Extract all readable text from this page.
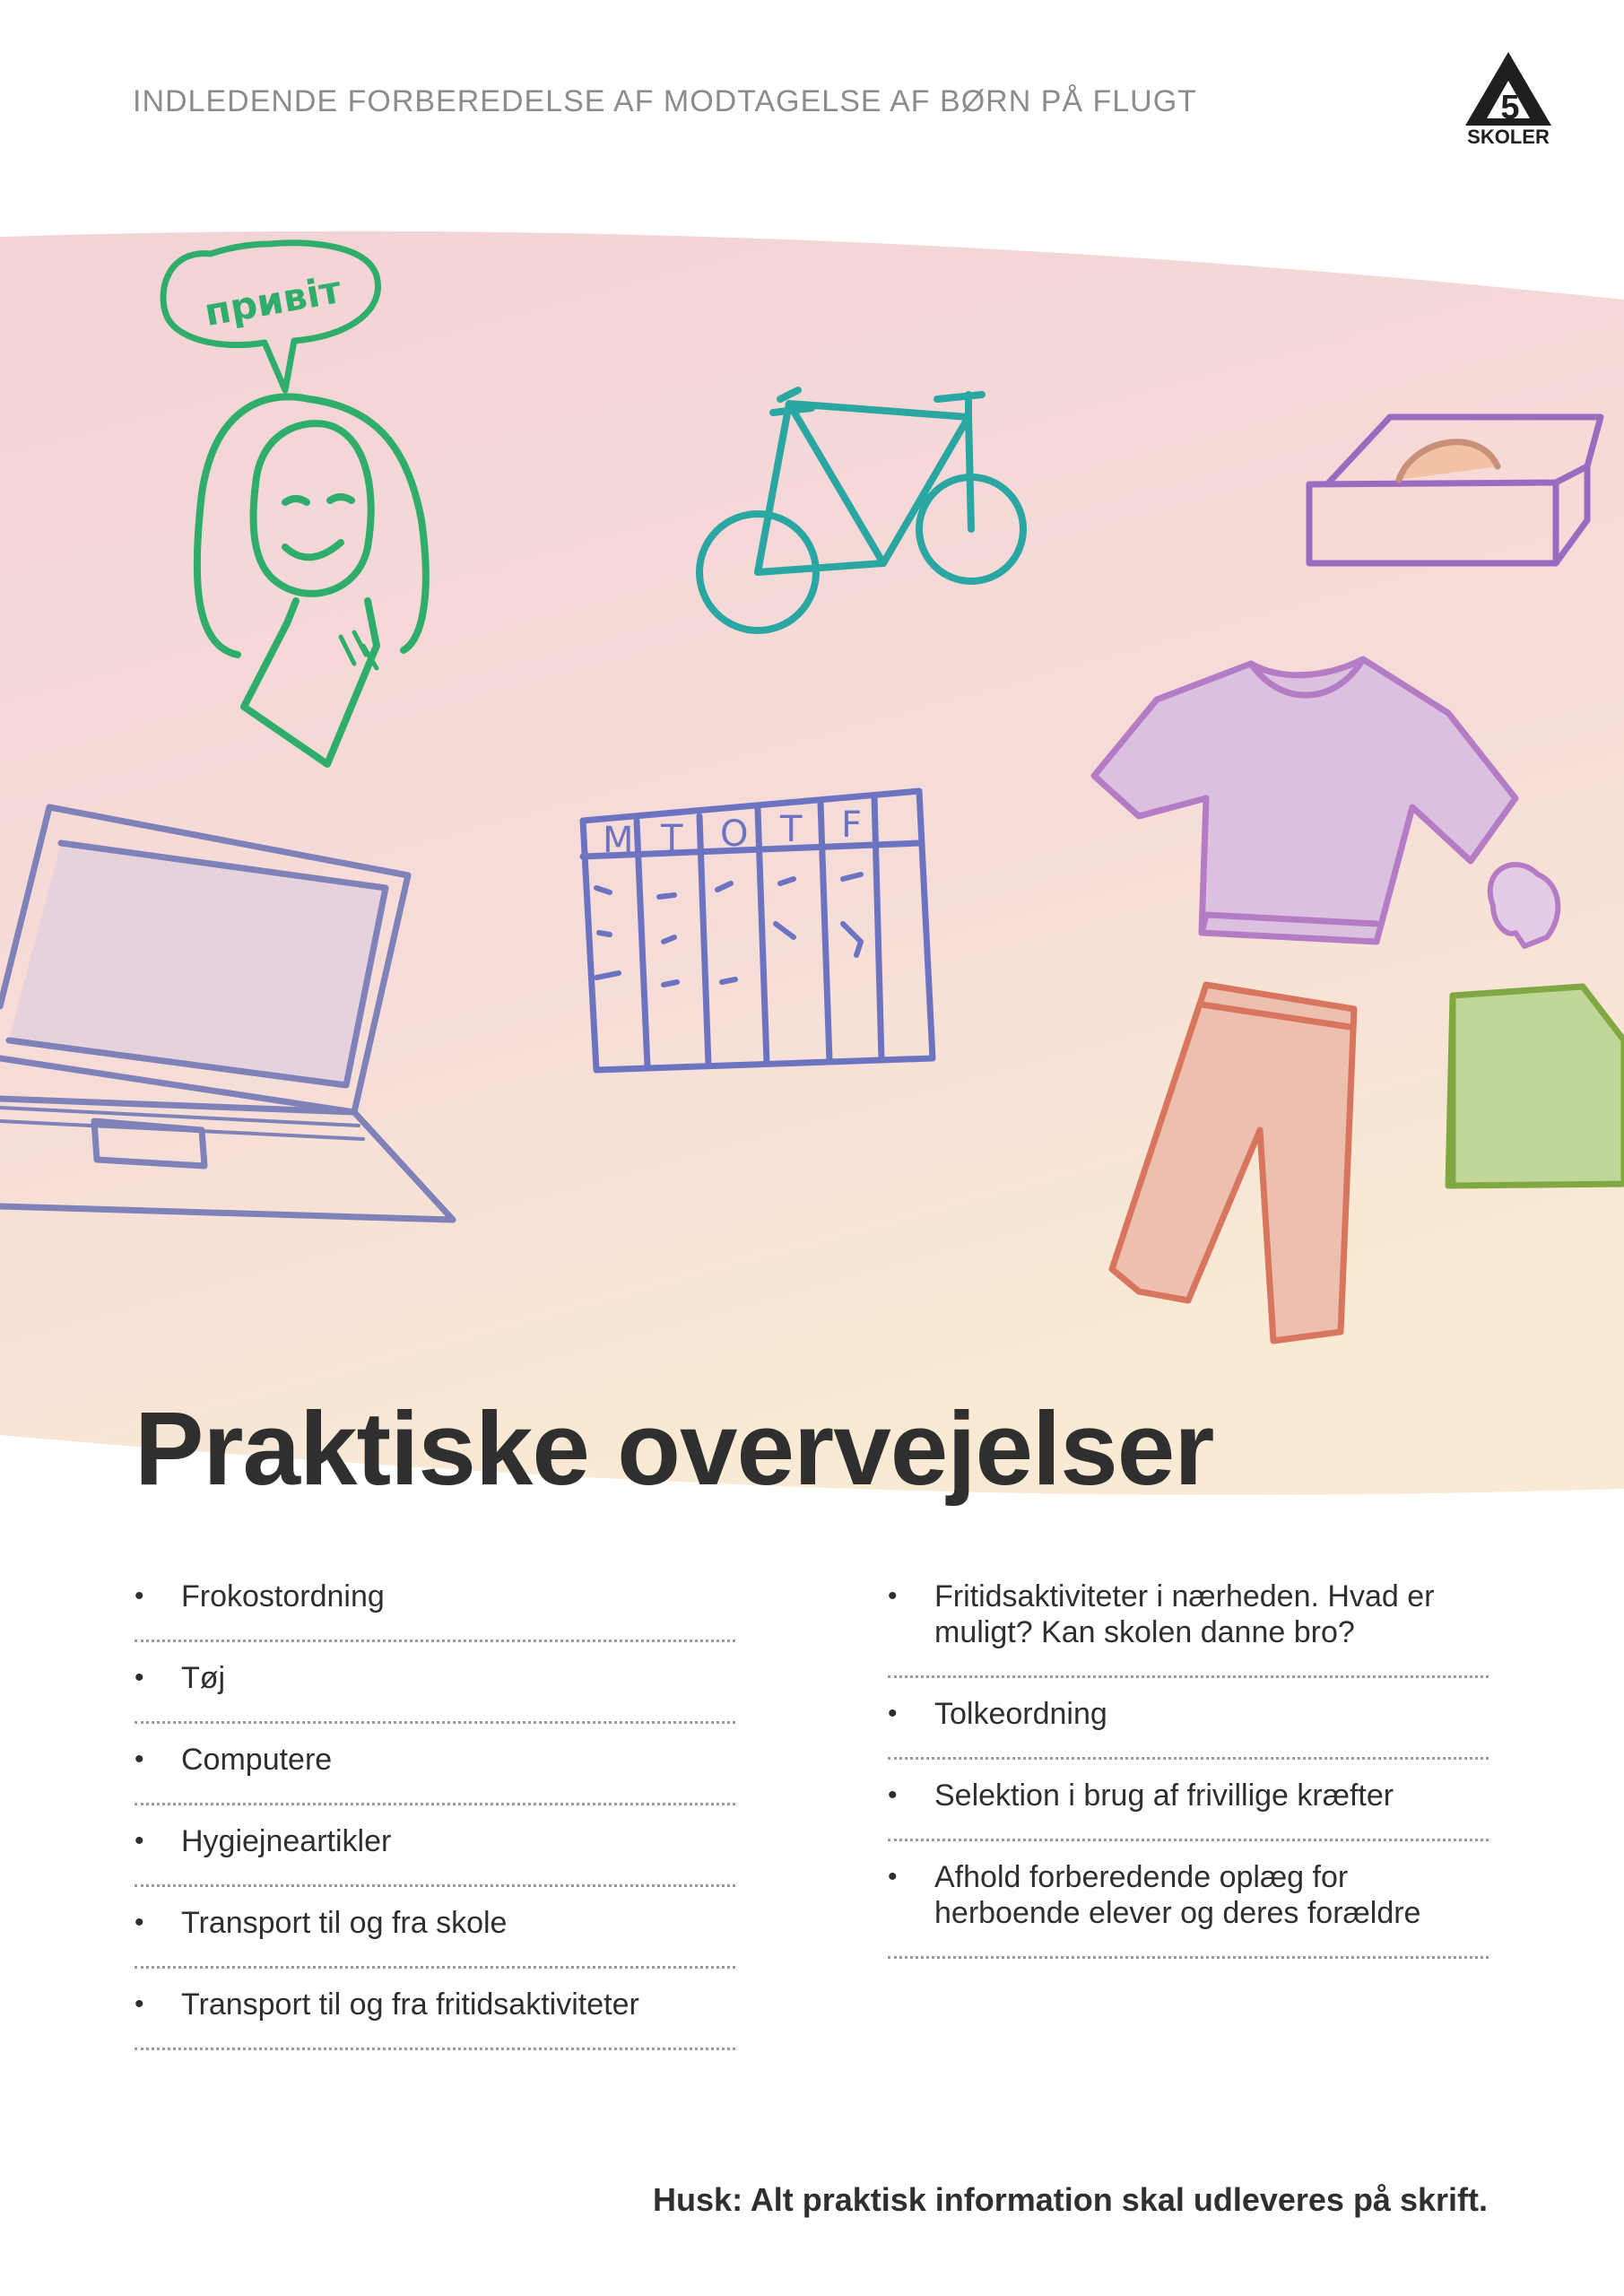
INDLEDENDE FORBEREDELSE AF MODTAGELSE AF BØRN PÅ FLUGT	5
SKOLER
привіт
M T O T F
Praktiske overvejelser
• Frokostordning
• Tøj
• Computere
• Hygiejneartikler
• Transport til og fra skole
• Transport til og fra fritidsaktiviteter
• Fritidsaktiviteter i nærheden. Hvad er muligt? Kan skolen danne bro?
• Tolkeordning
• Selektion i brug af frivillige kræfter
• Afhold forberedende oplæg for herboende elever og deres forældre
Husk: Alt praktisk information skal udleveres på skrift.
